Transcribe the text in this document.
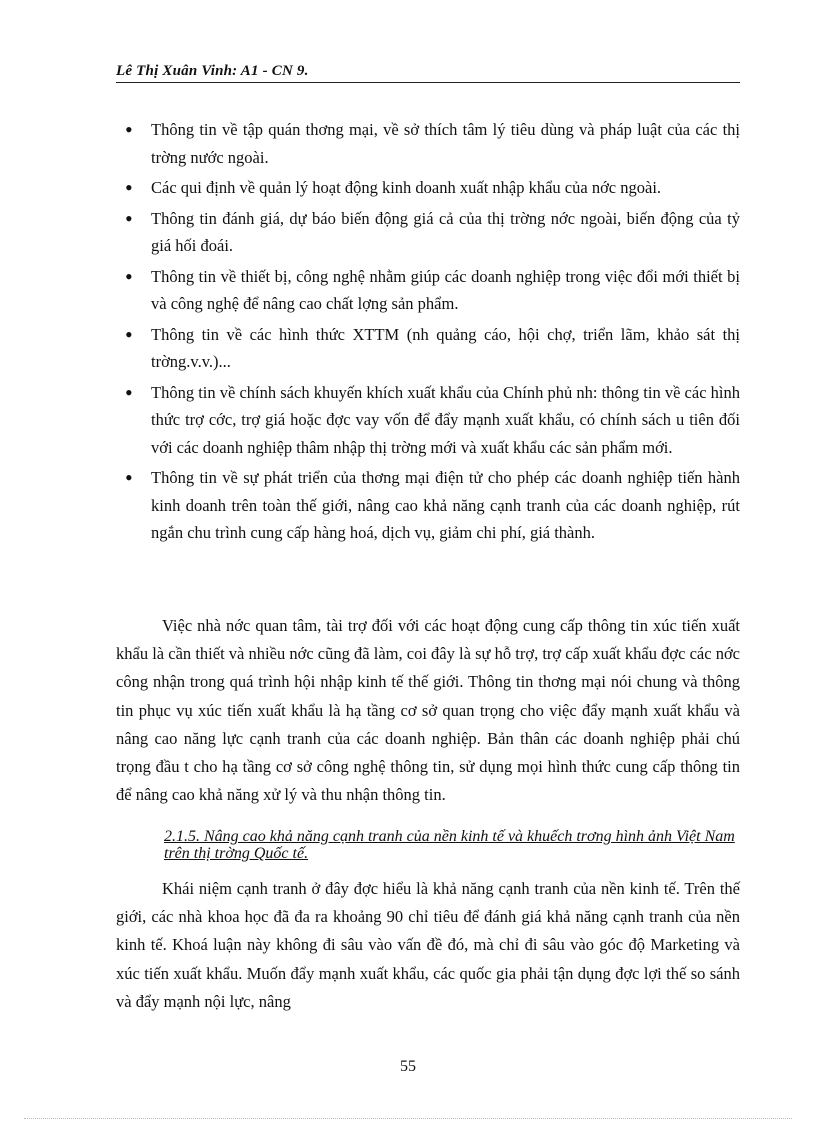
Lê Thị Xuân Vinh: A1 - CN 9.
• Thông tin về tập quán thơng mại, về sở thích tâm lý tiêu dùng và pháp luật của các thị trờng nước ngoài.
• Các qui định về quản lý hoạt động kinh doanh xuất nhập khẩu của nớc ngoài.
• Thông tin đánh giá, dự báo biến động giá cả của thị trờng nớc ngoài, biến động của tỷ giá hối đoái.
• Thông tin về thiết bị, công nghệ nhằm giúp các doanh nghiệp trong việc đổi mới thiết bị và công nghệ để nâng cao chất lợng sản phẩm.
• Thông tin về các hình thức XTTM (nh quảng cáo, hội chợ, triển lãm, khảo sát thị trờng.v.v.)...
• Thông tin về chính sách khuyến khích xuất khẩu của Chính phủ nh: thông tin về các hình thức trợ cớc, trợ giá hoặc đợc vay vốn để đẩy mạnh xuất khẩu, có chính sách u tiên đối với các doanh nghiệp thâm nhập thị trờng mới và xuất khẩu các sản phẩm mới.
• Thông tin về sự phát triển của thơng mại điện tử cho phép các doanh nghiệp tiến hành kinh doanh trên toàn thế giới, nâng cao khả năng cạnh tranh của các doanh nghiệp, rút ngắn chu trình cung cấp hàng hoá, dịch vụ, giảm chi phí, giá thành.

Việc nhà nớc quan tâm, tài trợ đối với các hoạt động cung cấp thông tin xúc tiến xuất khẩu là cần thiết và nhiều nớc cũng đã làm, coi đây là sự hỗ trợ, trợ cấp xuất khẩu đợc các nớc công nhận trong quá trình hội nhập kinh tế thế giới. Thông tin thơng mại nói chung và thông tin phục vụ xúc tiến xuất khẩu là hạ tầng cơ sở quan trọng cho việc đẩy mạnh xuất khẩu và nâng cao năng lực cạnh tranh của các doanh nghiệp. Bản thân các doanh nghiệp phải chú trọng đầu t cho hạ tầng cơ sở công nghệ thông tin, sử dụng mọi hình thức cung cấp thông tin để nâng cao khả năng xử lý và thu nhận thông tin.

2.1.5. Nâng cao khả năng cạnh tranh của nền kinh tế và khuếch trơng hình ảnh Việt Nam trên thị trờng Quốc tế.

Khái niệm cạnh tranh ở đây đợc hiểu là khả năng cạnh tranh của nền kinh tế. Trên thế giới, các nhà khoa học đã đa ra khoảng 90 chỉ tiêu để đánh giá khả năng cạnh tranh của nền kinh tế. Khoá luận này không đi sâu vào vấn đề đó, mà chỉ đi sâu vào góc độ Marketing và xúc tiến xuất khẩu. Muốn đẩy mạnh xuất khẩu, các quốc gia phải tận dụng đợc lợi thế so sánh và đẩy mạnh nội lực, nâng

55
